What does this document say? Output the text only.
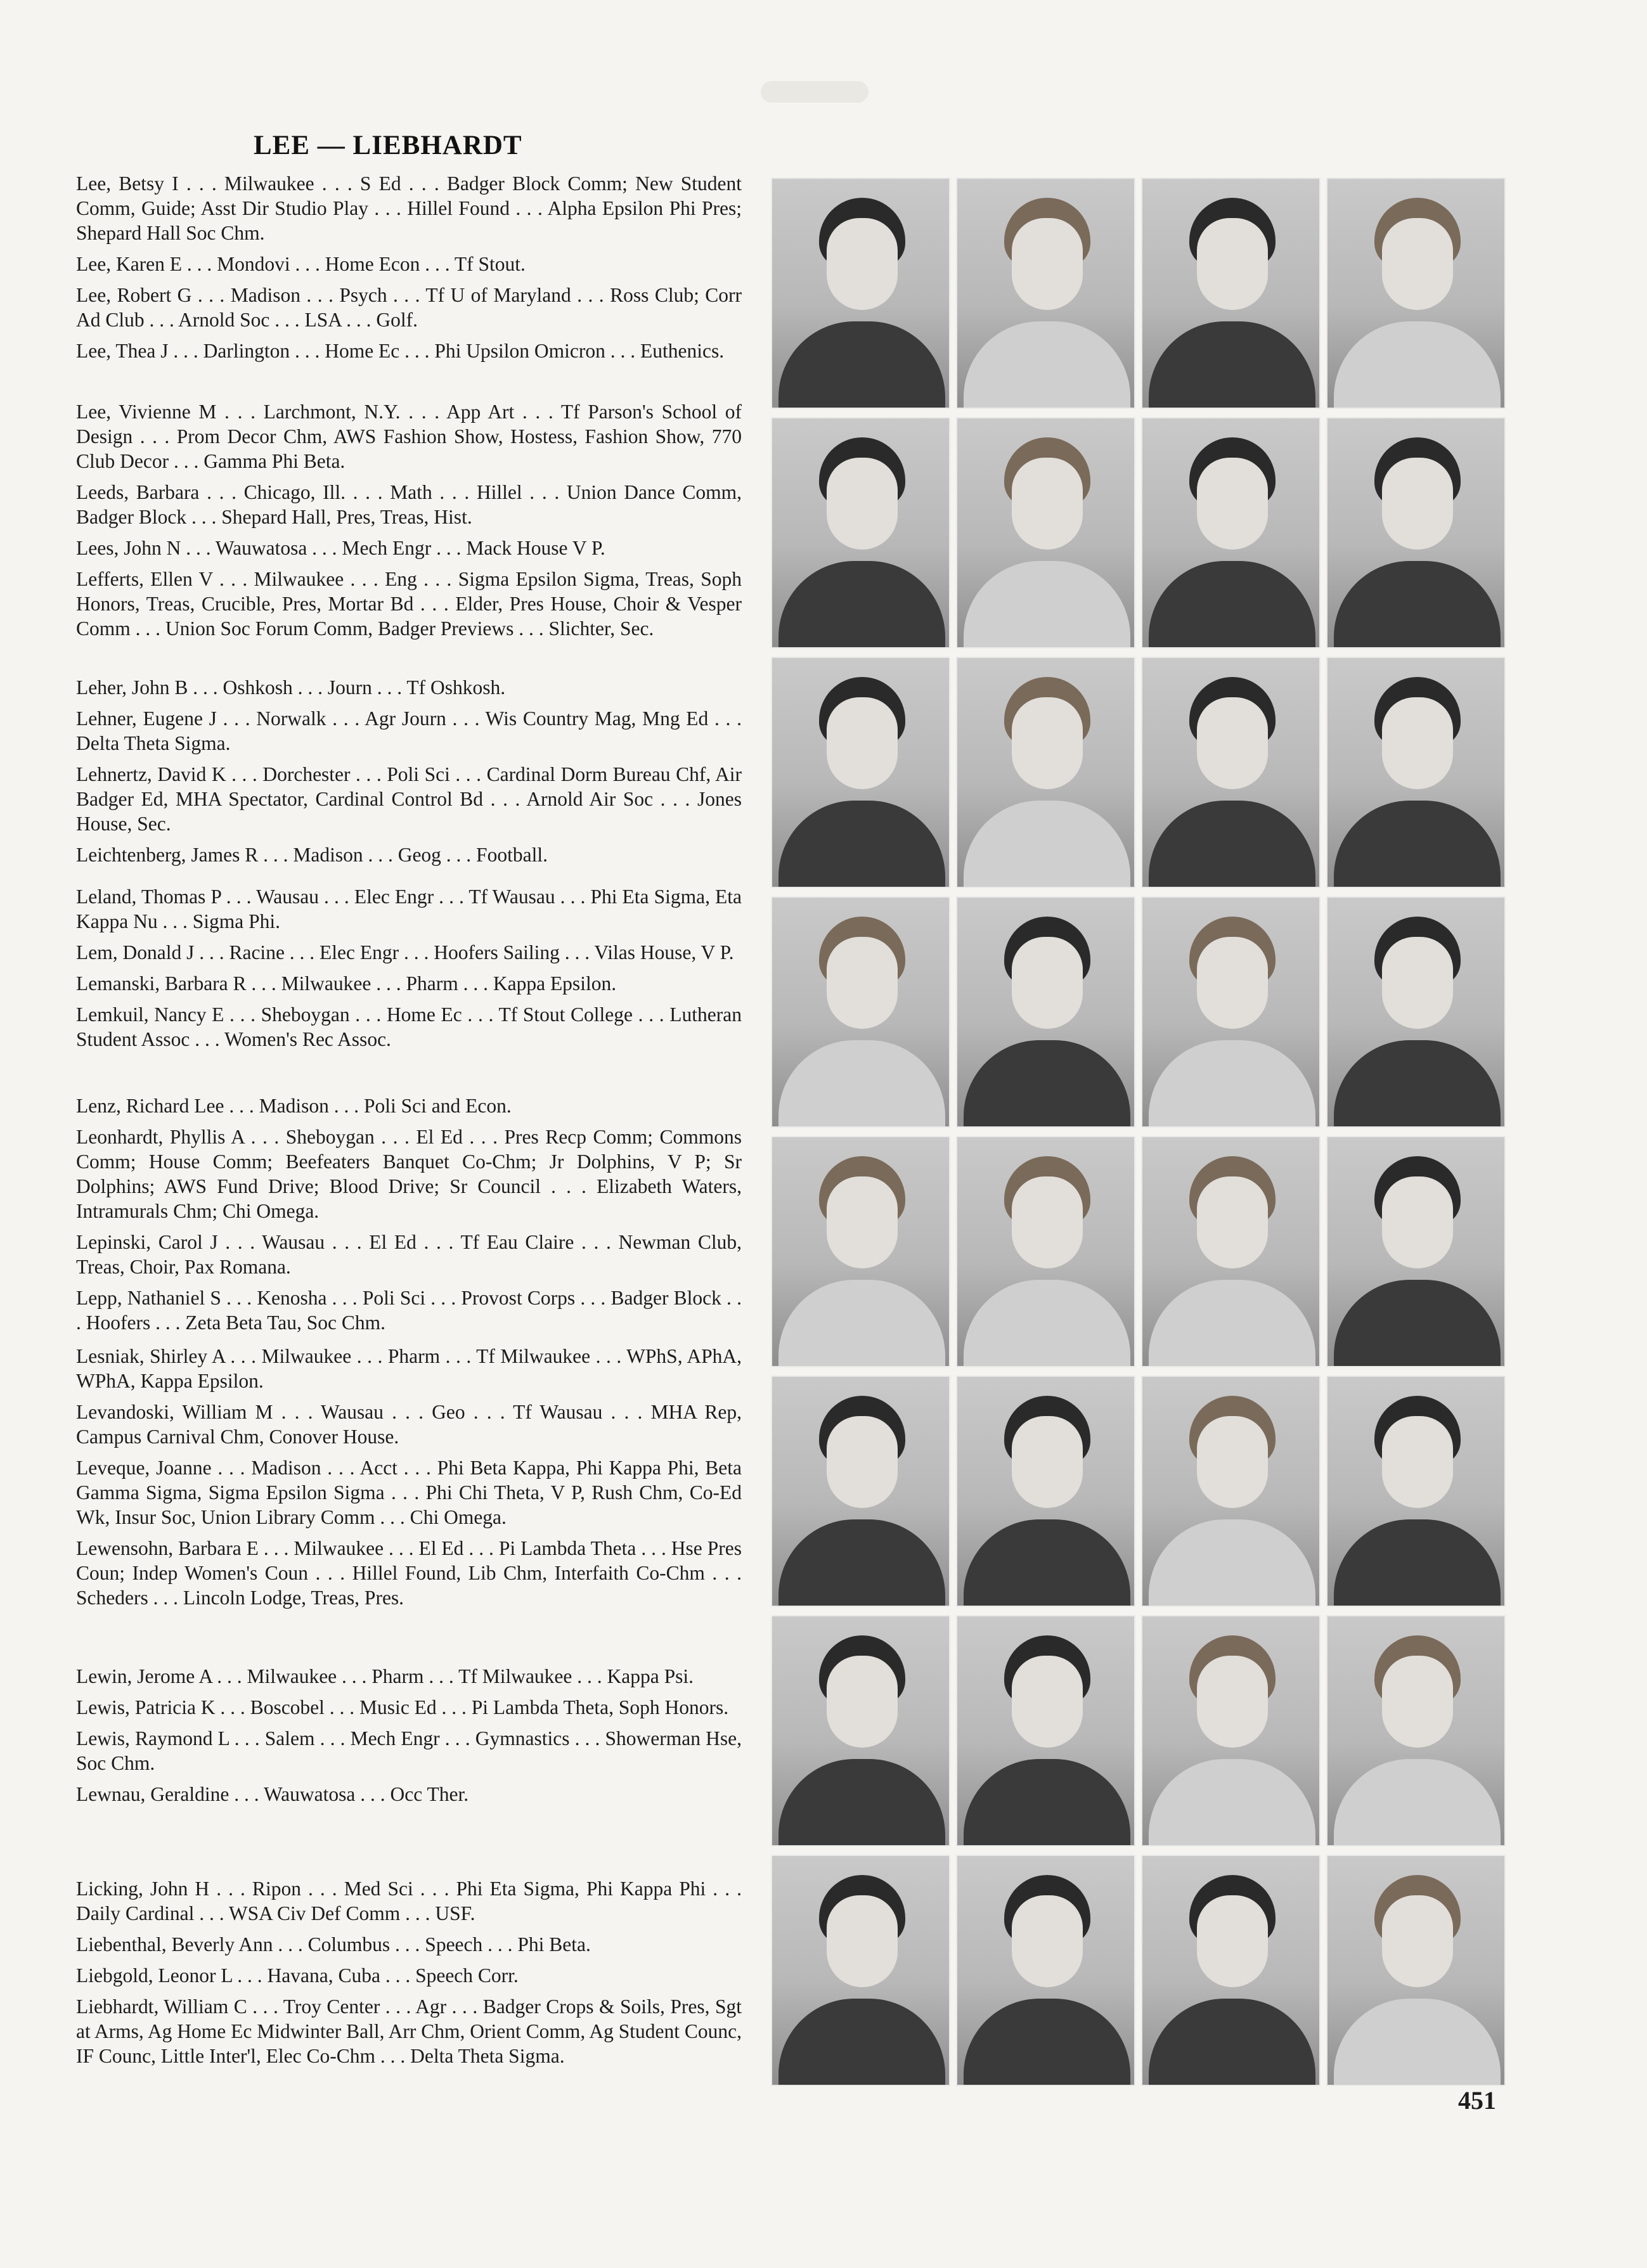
LEE — LIEBHARDT

Lee, Betsy I . . . Milwaukee . . . S Ed . . . Badger Block Comm; New Student Comm, Guide; Asst Dir Studio Play . . . Hillel Found . . . Alpha Epsilon Phi Pres; Shepard Hall Soc Chm.

Lee, Karen E . . . Mondovi . . . Home Econ . . . Tf Stout.

Lee, Robert G . . . Madison . . . Psych . . . Tf U of Maryland . . . Ross Club; Corr Ad Club . . . Arnold Soc . . . LSA . . . Golf.

Lee, Thea J . . . Darlington . . . Home Ec . . . Phi Upsilon Omicron . . . Euthenics.

Lee, Vivienne M . . . Larchmont, N.Y. . . . App Art . . . Tf Parson's School of Design . . . Prom Decor Chm, AWS Fashion Show, Hostess, Fashion Show, 770 Club Decor . . . Gamma Phi Beta.

Leeds, Barbara . . . Chicago, Ill. . . . Math . . . Hillel . . . Union Dance Comm, Badger Block . . . Shepard Hall, Pres, Treas, Hist.

Lees, John N . . . Wauwatosa . . . Mech Engr . . . Mack House V P.

Lefferts, Ellen V . . . Milwaukee . . . Eng . . . Sigma Epsilon Sigma, Treas, Soph Honors, Treas, Crucible, Pres, Mortar Bd . . . Elder, Pres House, Choir & Vesper Comm . . . Union Soc Forum Comm, Badger Previews . . . Slichter, Sec.

Leher, John B . . . Oshkosh . . . Journ . . . Tf Oshkosh.

Lehner, Eugene J . . . Norwalk . . . Agr Journ . . . Wis Country Mag, Mng Ed . . . Delta Theta Sigma.

Lehnertz, David K . . . Dorchester . . . Poli Sci . . . Cardinal Dorm Bureau Chf, Air Badger Ed, MHA Spectator, Cardinal Control Bd . . . Arnold Air Soc . . . Jones House, Sec.

Leichtenberg, James R . . . Madison . . . Geog . . . Football.

Leland, Thomas P . . . Wausau . . . Elec Engr . . . Tf Wausau . . . Phi Eta Sigma, Eta Kappa Nu . . . Sigma Phi.

Lem, Donald J . . . Racine . . . Elec Engr . . . Hoofers Sailing . . . Vilas House, V P.

Lemanski, Barbara R . . . Milwaukee . . . Pharm . . . Kappa Epsilon.

Lemkuil, Nancy E . . . Sheboygan . . . Home Ec . . . Tf Stout College . . . Lutheran Student Assoc . . . Women's Rec Assoc.

Lenz, Richard Lee . . . Madison . . . Poli Sci and Econ.

Leonhardt, Phyllis A . . . Sheboygan . . . El Ed . . . Pres Recp Comm; Commons Comm; House Comm; Beefeaters Banquet Co-Chm; Jr Dolphins, V P; Sr Dolphins; AWS Fund Drive; Blood Drive; Sr Council . . . Elizabeth Waters, Intramurals Chm; Chi Omega.

Lepinski, Carol J . . . Wausau . . . El Ed . . . Tf Eau Claire . . . Newman Club, Treas, Choir, Pax Romana.

Lepp, Nathaniel S . . . Kenosha . . . Poli Sci . . . Provost Corps . . . Badger Block . . . Hoofers . . . Zeta Beta Tau, Soc Chm.

Lesniak, Shirley A . . . Milwaukee . . . Pharm . . . Tf Milwaukee . . . WPhS, APhA, WPhA, Kappa Epsilon.

Levandoski, William M . . . Wausau . . . Geo . . . Tf Wausau . . . MHA Rep, Campus Carnival Chm, Conover House.

Leveque, Joanne . . . Madison . . . Acct . . . Phi Beta Kappa, Phi Kappa Phi, Beta Gamma Sigma, Sigma Epsilon Sigma . . . Phi Chi Theta, V P, Rush Chm, Co-Ed Wk, Insur Soc, Union Library Comm . . . Chi Omega.

Lewensohn, Barbara E . . . Milwaukee . . . El Ed . . . Pi Lambda Theta . . . Hse Pres Coun; Indep Women's Coun . . . Hillel Found, Lib Chm, Interfaith Co-Chm . . . Scheders . . . Lincoln Lodge, Treas, Pres.

Lewin, Jerome A . . . Milwaukee . . . Pharm . . . Tf Milwaukee . . . Kappa Psi.

Lewis, Patricia K . . . Boscobel . . . Music Ed . . . Pi Lambda Theta, Soph Honors.

Lewis, Raymond L . . . Salem . . . Mech Engr . . . Gymnastics . . . Showerman Hse, Soc Chm.

Lewnau, Geraldine . . . Wauwatosa . . . Occ Ther.

Licking, John H . . . Ripon . . . Med Sci . . . Phi Eta Sigma, Phi Kappa Phi . . . Daily Cardinal . . . WSA Civ Def Comm . . . USF.

Liebenthal, Beverly Ann . . . Columbus . . . Speech . . . Phi Beta.

Liebgold, Leonor L . . . Havana, Cuba . . . Speech Corr.

Liebhardt, William C . . . Troy Center . . . Agr . . . Badger Crops & Soils, Pres, Sgt at Arms, Ag Home Ec Midwinter Ball, Arr Chm, Orient Comm, Ag Student Counc, IF Counc, Little Inter'l, Elec Co-Chm . . . Delta Theta Sigma.

451
